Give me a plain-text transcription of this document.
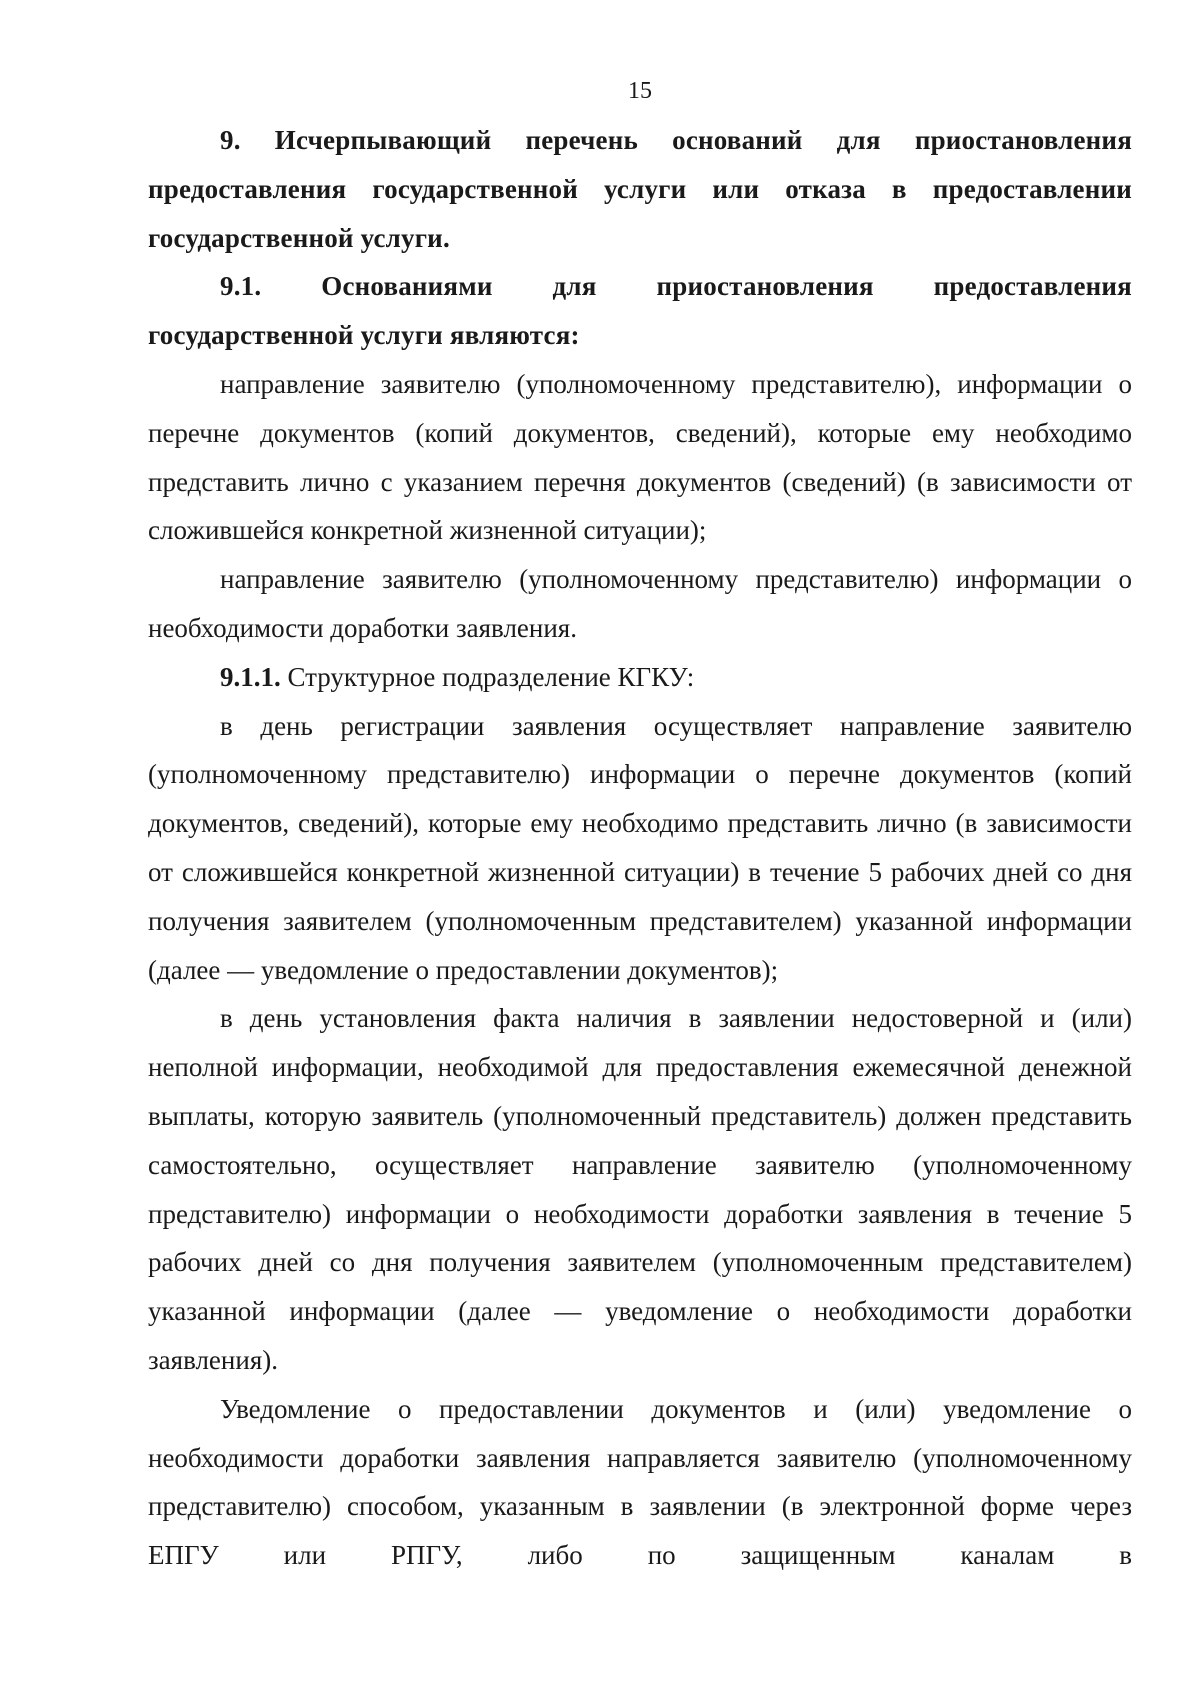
15

9. Исчерпывающий перечень оснований для приостановления предоставления государственной услуги или отказа в предоставлении государственной услуги.

9.1. Основаниями для приостановления предоставления государственной услуги являются:

направление заявителю (уполномоченному представителю), информации о перечне документов (копий документов, сведений), которые ему необходимо представить лично с указанием перечня документов (сведений) (в зависимости от сложившейся конкретной жизненной ситуации);

направление заявителю (уполномоченному представителю) информации о необходимости доработки заявления.

9.1.1. Структурное подразделение КГКУ:

в день регистрации заявления осуществляет направление заявителю (уполномоченному представителю) информации о перечне документов (копий документов, сведений), которые ему необходимо представить лично (в зависимости от сложившейся конкретной жизненной ситуации) в течение 5 рабочих дней со дня получения заявителем (уполномоченным представителем) указанной информации (далее — уведомление о предоставлении документов);

в день установления факта наличия в заявлении недостоверной и (или) неполной информации, необходимой для предоставления ежемесячной денежной выплаты, которую заявитель (уполномоченный представитель) должен представить самостоятельно, осуществляет направление заявителю (уполномоченному представителю) информации о необходимости доработки заявления в течение 5 рабочих дней со дня получения заявителем (уполномоченным представителем) указанной информации (далее — уведомление о необходимости доработки заявления).

Уведомление о предоставлении документов и (или) уведомление о необходимости доработки заявления направляется заявителю (уполномоченному представителю) способом, указанным в заявлении (в электронной форме через ЕПГУ или РПГУ, либо по защищенным каналам в
